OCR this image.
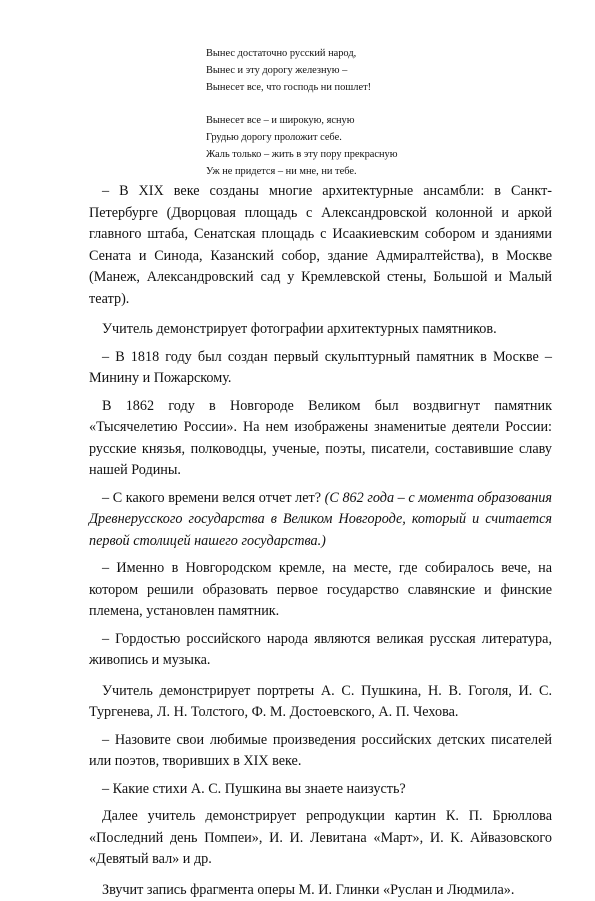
Вынес достаточно русский народ,
Вынес и эту дорогу железную –
Вынесет все, что господь ни пошлет!
Вынесет все – и широкую, ясную
Грудью дорогу проложит себе.
Жаль только – жить в эту пору прекрасную
Уж не придется – ни мне, ни тебе.

– В XIX веке созданы многие архитектурные ансамбли: в Санкт-Петербурге (Дворцовая площадь с Александровской колонной и аркой главного штаба, Сенатская площадь с Исаакиевским собором и зданиями Сената и Синода, Казанский собор, здание Адмиралтейства), в Москве (Манеж, Александровский сад у Кремлевской стены, Большой и Малый театр).

Учитель демонстрирует фотографии архитектурных памятников.

– В 1818 году был создан первый скульптурный памятник в Москве – Минину и Пожарскому.

В 1862 году в Новгороде Великом был воздвигнут памятник «Тысячелетию России». На нем изображены знаменитые деятели России: русские князья, полководцы, ученые, поэты, писатели, составившие славу нашей Родины.

– С какого времени велся отчет лет? (С 862 года – с момента образования Древнерусского государства в Великом Новгороде, который и считается первой столицей нашего государства.)

– Именно в Новгородском кремле, на месте, где собиралось вече, на котором решили образовать первое государство славянские и финские племена, установлен памятник.

– Гордостью российского народа являются великая русская литература, живопись и музыка.

Учитель демонстрирует портреты А. С. Пушкина, Н. В. Гоголя, И. С. Тургенева, Л. Н. Толстого, Ф. М. Достоевского, А. П. Чехова.

– Назовите свои любимые произведения российских детских писателей или поэтов, творивших в XIX веке.

– Какие стихи А. С. Пушкина вы знаете наизусть?

Далее учитель демонстрирует репродукции картин К. П. Брюллова «Последний день Помпеи», И. И. Левитана «Март», И. К. Айвазовского «Девятый вал» и др.

Звучит запись фрагмента оперы М. И. Глинки «Руслан и Людмила».
